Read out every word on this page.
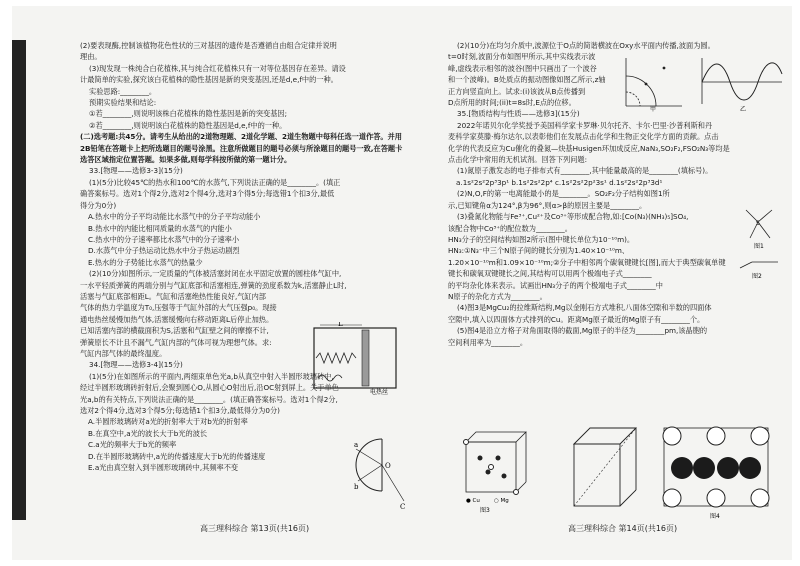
(2)要表现酶,控制该植物花色性状的三对基因的遗传是否遵循自由组合定律并说明

理由。

(3)现发现一株纯合白花植株,其与纯合红花植株只有一对等位基因存在差异。请设

计最简单的实验,探究该白花植株的隐性基因是新的突变基因,还是d,e,f中的一种。

实验思路:________。

预期实验结果和结论:

①若________,则说明该株白花植株的隐性基因是新的突变基因;

②若________,则说明该白花植株的隐性基因是d,e,f中的一种。

(二)选考题:共45分。请考生从给出的2道物理题、2道化学题、2道生物题中每科任选一道作答。并用2B铅笔在答题卡上把所选题目的题号涂黑。注意所做题目的题号必须与所涂题目的题号一致,在答题卡选答区域指定位置答题。如果多做,则每学科按所做的第一题计分。

33.[物理——选修3-3](15分)

(1)(5分)比较45℃的热水和100℃的水蒸气,下列说法正确的是________。(填正

确答案标号。选对1个得2分,选对2个得4分,选对3个得5分;每选错1个扣3分,最低

得分为0分)

A.热水中的分子平均动能比水蒸气中的分子平均动能小

B.热水中的内能比相同质量的水蒸气的内能小

C.热水中的分子速率都比水蒸气中的分子速率小

D.水蒸气中分子热运动比热水中分子热运动剧烈

E.热水的分子势能比水蒸气的热量少

(2)(10分)如图所示,一定质量的气体被活塞封闭在水平固定放置的圆柱体气缸中,

一水平轻质弹簧的两端分别与气缸底部和活塞相连,弹簧的劲度系数为k,活塞静止L时,

活塞与气缸底部相距L。气缸和活塞绝热性能良好,气缸内部

气体的热力学温度为T₀,压强等于气缸外部的大气压强p₀。现接

通电热丝缓慢加热气体,活塞缓慢向右移动距离L后停止加热。

已知活塞内部的横截面积为S,活塞和气缸壁之间的摩擦不计,

弹簧原长不计且不漏气,气缸内部的气体可视为理想气体。求:

气缸内部气体的最终温度。

34.[物理——选修3-4](15分)

(1)(5分)在如图所示的平面内,两细束单色光a,b从真空中射入半圆形玻璃砖中,

经过半圆形玻璃砖折射后,会聚到圆心O,从圆心O射出后,沿OC射到屏上。关于单色

光a,b的有关特点,下列说法正确的是________。(填正确答案标号。选对1个得2分,

选对2个得4分,选对3个得5分;每选错1个扣3分,最低得分为0分)

A.半圆形玻璃砖对a光的折射率大于对b光的折射率

B.在真空中,a光的波长大于b光的波长

C.a光的频率大于b光的频率

D.在半圆形玻璃砖中,a光的传播速度大于b光的传播速度

E.a光由真空射入到半圆形玻璃砖中,其频率不变

L
电热丝
O
C
a
b
高三理科综合 第13页(共16页)

(2)(10分)在均匀介质中,波源位于O点的简谐横波在Oxy水平面内传播,波面为圆。

t=0时刻,波面分布如图甲所示,其中实线表示波

峰,虚线表示相邻的波谷(图中只画出了一个波谷

和一个波峰)。B处质点的振动图像如图乙所示,z轴

正方向竖直向上。试求:(i)该波从B点传播到

D点所用的时间;(ii)t=8s时,E点的位移。

35.[物质结构与性质——选修3](15分)

2022年诺贝尔化学奖授予美国科学家卡罗琳·贝尔托齐、卡尔·巴里·沙普利斯和丹

麦科学家莫滕·梅尔达尔,以表彰他们在发展点击化学和生物正交化学方面的贡献。点击

化学的代表反应为Cu催化的叠氮—炔基Husigen环加成反应,NaN₃,SO₂F₂,FSO₂N₃等均是

点击化学中常用的无机试剂。回答下列问题:

(1)氮原子激发态的电子排布式有________,其中能量最高的是________(填标号)。

a.1s²2s²2p³3p¹ b.1s²2s²2p⁴ c.1s²2s²2p²3s¹ d.1s²2s²2p³3d¹

(2)N,O,F的第一电离能最小的是________。SO₂F₂分子结构如图1所

示,已知键角α为124°,β为96°,则α>β的原因主要是________。

(3)叠氮化物能与Fe³⁺,Cu²⁺及Co³⁺等形成配合物,如:[Co(N₃)(NH₃)₅]SO₄,

该配合物中Co³⁺的配位数为________。

HN₃分子的空间结构如图2所示(图中键长单位为10⁻¹⁰m)。

HN₃:①N₃⁻中三个N原子间的键长分别为1.40×10⁻¹⁰m、

1.20×10⁻¹⁰m和1.09×10⁻¹⁰m;②分子中相邻两个碳氧键键长[图],而大于典型碳氧单键

键长和碳氧双键键长之间,其结构可以用两个极端电子式________

的平均杂化体来表示。试画出HN₃分子的两个极端电子式________中

N原子的杂化方式为________。

(4)图3是MgCu₂的拉维斯结构,Mg以金刚石方式堆积,八面体空隙和半数的四面体

空隙中,填入以四面体方式排列的Cu。距离Mg原子最近的Mg原子有________个。

(5)图4是沿立方格子对角面取得的截面,Mg原子的半径为________pm,该晶胞的

空间利用率为________。

甲	乙
S
图1
图2
● Cu	○ Mg
图3
图4
高三理科综合 第14页(共16页)
